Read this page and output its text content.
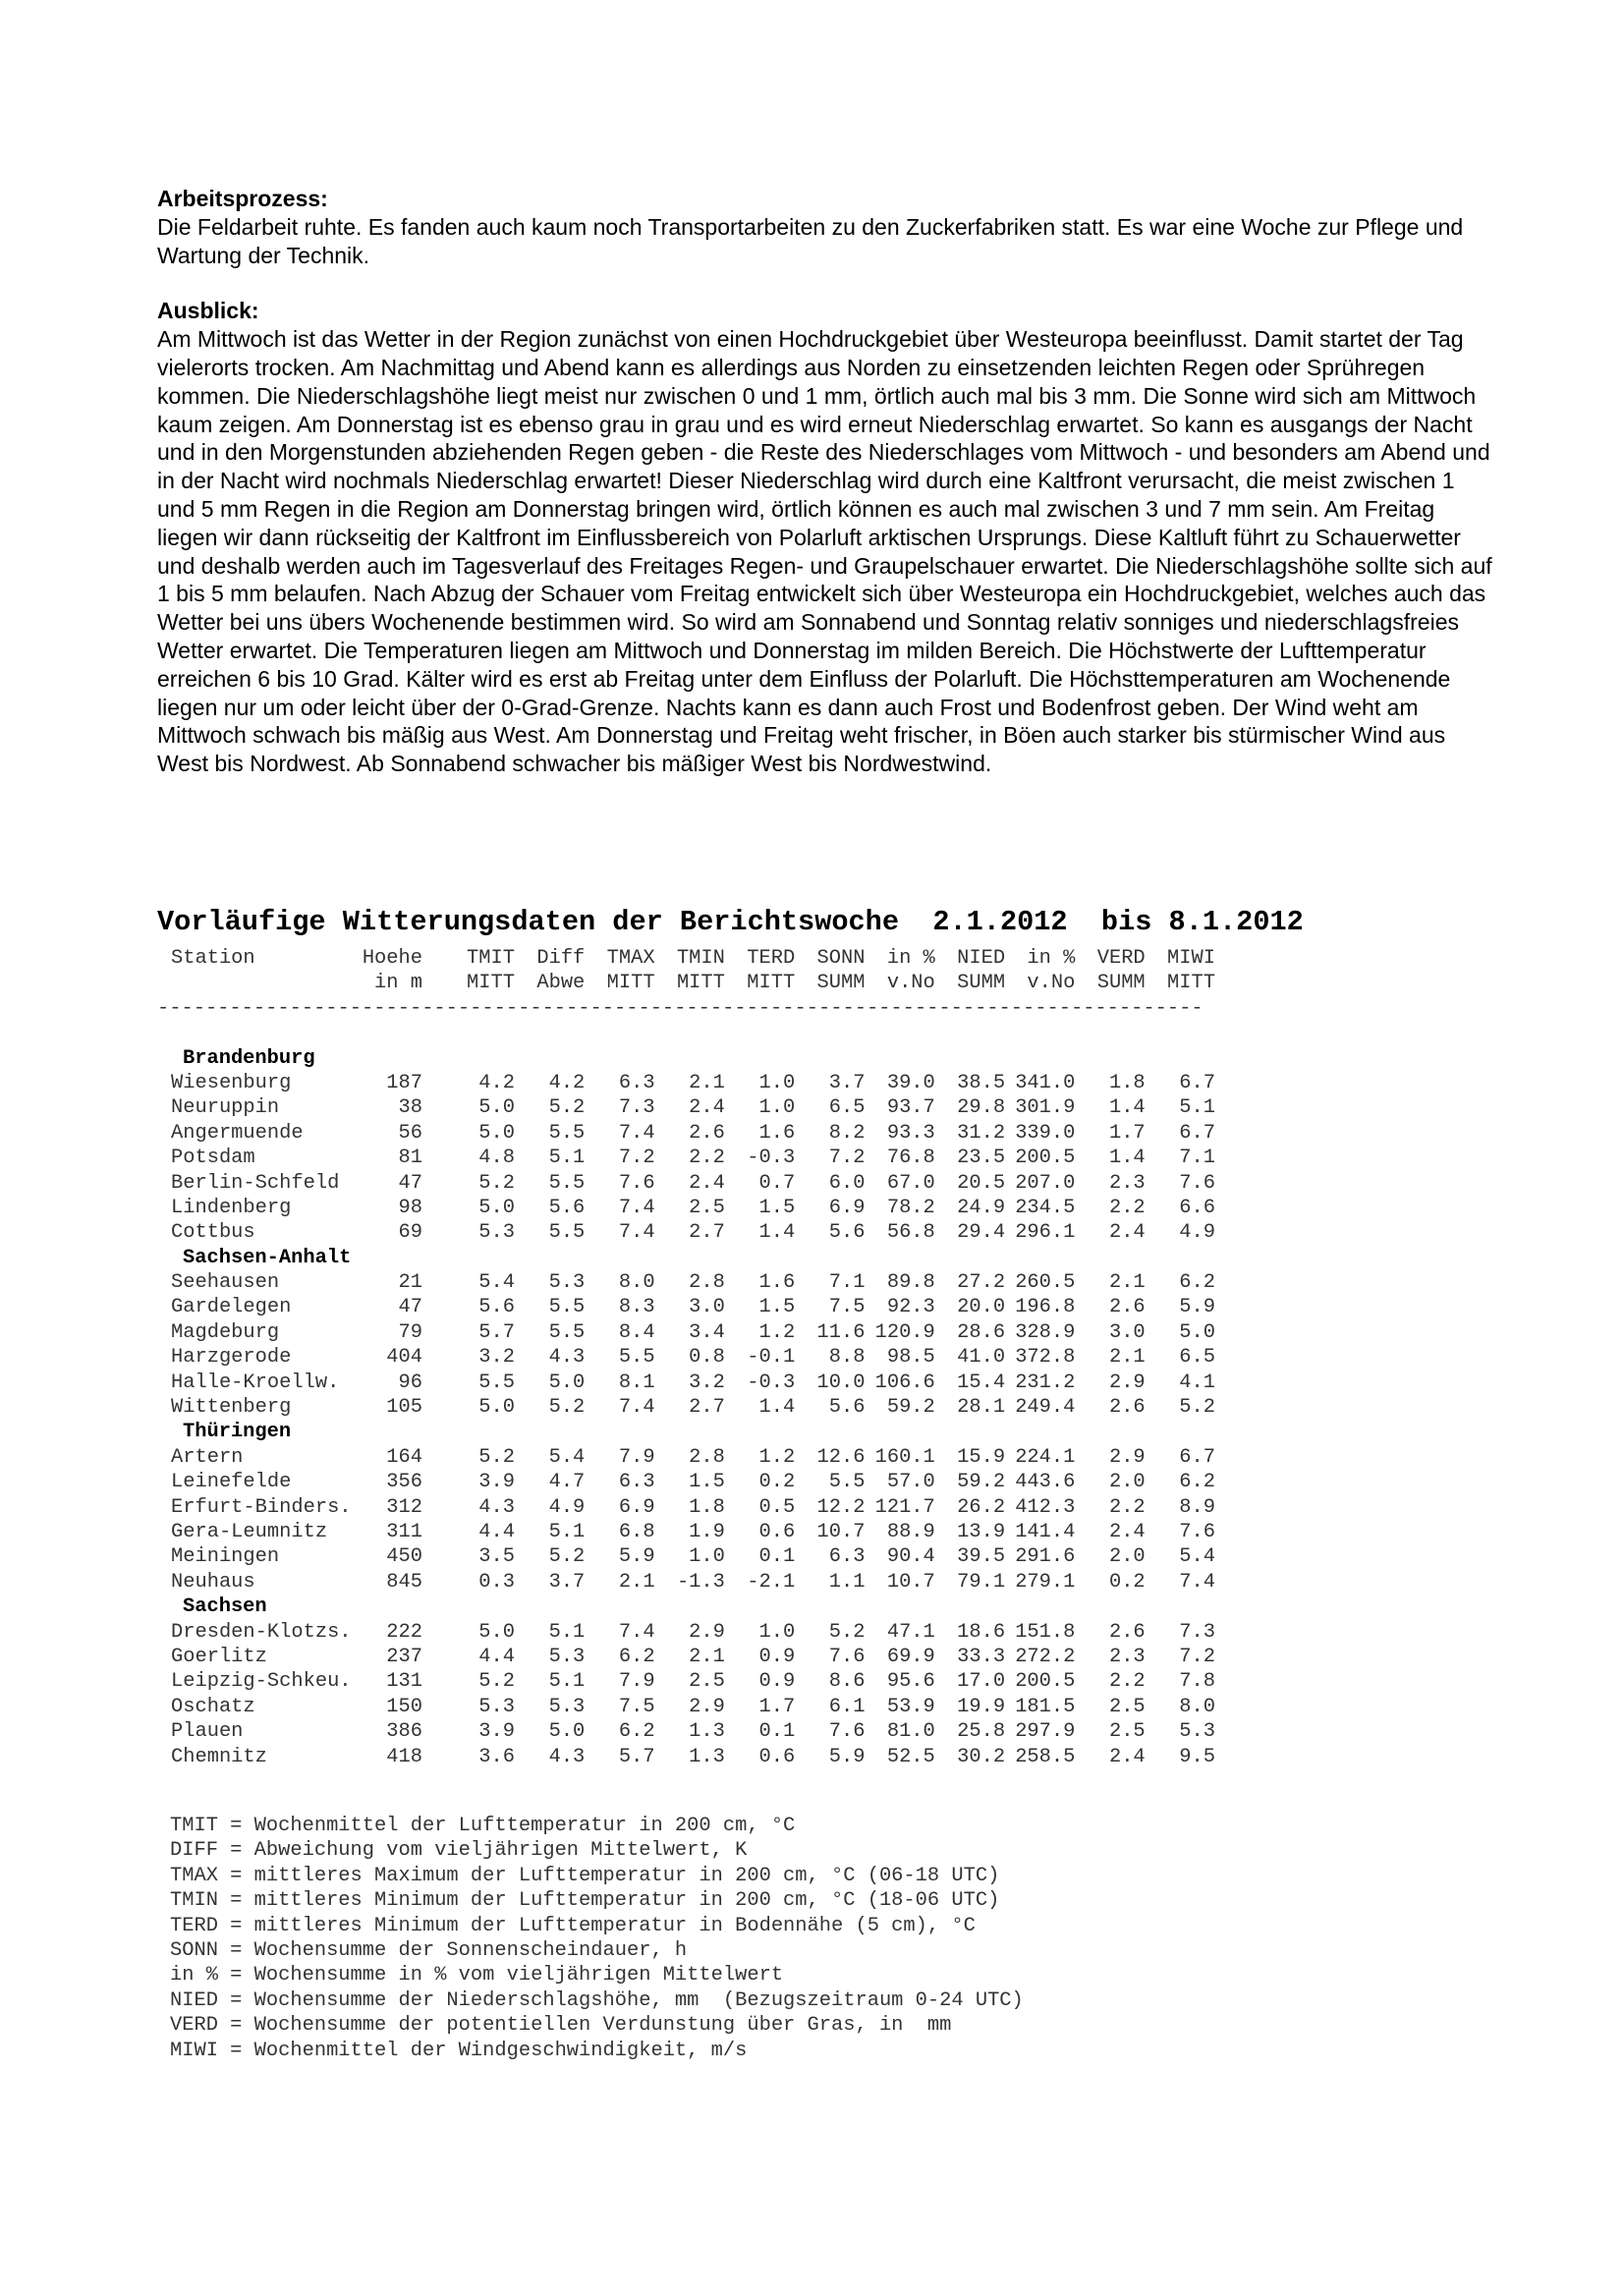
Arbeitsprozess:

Die Feldarbeit ruhte. Es fanden auch kaum noch Transportarbeiten zu den Zuckerfabriken statt. Es war eine Woche zur Pflege und Wartung der Technik.

Ausblick:

Am Mittwoch ist das Wetter in der Region zunächst von einen Hochdruckgebiet über Westeuropa beeinflusst. Damit startet der Tag vielerorts trocken. Am Nachmittag und Abend kann es allerdings aus Norden zu einsetzenden leichten Regen oder Sprühregen kommen. Die Niederschlagshöhe liegt meist nur zwischen 0 und 1 mm, örtlich auch mal bis 3 mm. Die Sonne wird sich am Mittwoch kaum zeigen. Am Donnerstag ist es ebenso grau in grau und es wird erneut Niederschlag erwartet. So kann es ausgangs der Nacht und in den Morgenstunden abziehenden Regen geben - die Reste des Niederschlages vom Mittwoch - und besonders am Abend und in der Nacht wird nochmals Niederschlag erwartet! Dieser Niederschlag wird durch eine Kaltfront verursacht, die meist zwischen 1 und 5 mm Regen in die Region am Donnerstag bringen wird, örtlich können es auch mal zwischen 3 und 7 mm sein. Am Freitag liegen wir dann rückseitig der Kaltfront im Einflussbereich von Polarluft arktischen Ursprungs. Diese Kaltluft führt zu Schauerwetter und deshalb werden auch im Tagesverlauf des Freitages Regen- und Graupelschauer erwartet. Die Niederschlagshöhe sollte sich auf 1 bis 5 mm belaufen. Nach Abzug der Schauer vom Freitag entwickelt sich über Westeuropa ein Hochdruckgebiet, welches auch das Wetter bei uns übers Wochenende bestimmen wird. So wird am Sonnabend und Sonntag relativ sonniges und niederschlagsfreies Wetter erwartet. Die Temperaturen liegen am Mittwoch und Donnerstag im milden Bereich. Die Höchstwerte der Lufttemperatur erreichen 6 bis 10 Grad. Kälter wird es erst ab Freitag unter dem Einfluss der Polarluft. Die Höchsttemperaturen am Wochenende liegen nur um oder leicht über der 0-Grad-Grenze. Nachts kann es dann auch Frost und Bodenfrost geben. Der Wind weht am Mittwoch schwach bis mäßig aus West. Am Donnerstag und Freitag weht frischer, in Böen auch starker bis stürmischer Wind aus West bis Nordwest. Ab Sonnabend schwacher bis mäßiger West bis Nordwestwind.

Vorläufige Witterungsdaten der Berichtswoche  2.1.2012  bis 8.1.2012
Station	Hoehe TMIT Diff TMAX TMIN TERD SONN in % NIED in % VERD MIWI
in m MITT Abwe MITT MITT MITT SUMM v.No SUMM v.No SUMM MITT
---------------------------------------------------------------------------------------
Brandenburg
Wiesenburg	187	4.2 4.2 6.3 2.1 1.0 3.7 39.0 38.5 341.0 1.8 6.7
Neuruppin	38	5.0 5.2 7.3 2.4 1.0 6.5 93.7 29.8 301.9 1.4 5.1
Angermuende	56	5.0 5.5 7.4 2.6 1.6 8.2 93.3 31.2 339.0 1.7 6.7
Potsdam	81	4.8 5.1 7.2 2.2 -0.3 7.2 76.8 23.5 200.5 1.4 7.1
Berlin-Schfeld	47	5.2 5.5 7.6 2.4 0.7 6.0 67.0 20.5 207.0 2.3 7.6
Lindenberg	98	5.0 5.6 7.4 2.5 1.5 6.9 78.2 24.9 234.5 2.2 6.6
Cottbus	69	5.3 5.5 7.4 2.7 1.4 5.6 56.8 29.4 296.1 2.4 4.9
Sachsen-Anhalt
Seehausen	21	5.4 5.3 8.0 2.8 1.6 7.1 89.8 27.2 260.5 2.1 6.2
Gardelegen	47	5.6 5.5 8.3 3.0 1.5 7.5 92.3 20.0 196.8 2.6 5.9
Magdeburg	79	5.7 5.5 8.4 3.4 1.2 11.6 120.9 28.6 328.9 3.0 5.0
Harzgerode	404	3.2 4.3 5.5 0.8 -0.1 8.8 98.5 41.0 372.8 2.1 6.5
Halle-Kroellw.	96	5.5 5.0 8.1 3.2 -0.3 10.0 106.6 15.4 231.2 2.9 4.1
Wittenberg	105	5.0 5.2 7.4 2.7 1.4 5.6 59.2 28.1 249.4 2.6 5.2
Thüringen
Artern	164	5.2 5.4 7.9 2.8 1.2 12.6 160.1 15.9 224.1 2.9 6.7
Leinefelde	356	3.9 4.7 6.3 1.5 0.2 5.5 57.0 59.2 443.6 2.0 6.2
Erfurt-Binders. 312	4.3 4.9 6.9 1.8 0.5 12.2 121.7 26.2 412.3 2.2 8.9
Gera-Leumnitz	311	4.4 5.1 6.8 1.9 0.6 10.7 88.9 13.9 141.4 2.4 7.6
Meiningen	450	3.5 5.2 5.9 1.0 0.1 6.3 90.4 39.5 291.6 2.0 5.4
Neuhaus	845	0.3 3.7 2.1 -1.3 -2.1 1.1 10.7 79.1 279.1 0.2 7.4
Sachsen
Dresden-Klotzs. 222	5.0 5.1 7.4 2.9 1.0 5.2 47.1 18.6 151.8 2.6 7.3
Goerlitz	237	4.4 5.3 6.2 2.1 0.9 7.6 69.9 33.3 272.2 2.3 7.2
Leipzig-Schkeu. 131	5.2 5.1 7.9 2.5 0.9 8.6 95.6 17.0 200.5 2.2 7.8
Oschatz	150	5.3 5.3 7.5 2.9 1.7 6.1 53.9 19.9 181.5 2.5 8.0
Plauen	386	3.9 5.0 6.2 1.3 0.1 7.6 81.0 25.8 297.9 2.5 5.3
Chemnitz	418	3.6 4.3 5.7 1.3 0.6 5.9 52.5 30.2 258.5 2.4 9.5
TMIT = Wochenmittel der Lufttemperatur in 200 cm, °C
DIFF = Abweichung vom vieljährigen Mittelwert, K
TMAX = mittleres Maximum der Lufttemperatur in 200 cm, °C (06-18 UTC)
TMIN = mittleres Minimum der Lufttemperatur in 200 cm, °C (18-06 UTC)
TERD = mittleres Minimum der Lufttemperatur in Bodennähe (5 cm), °C
SONN = Wochensumme der Sonnenscheindauer, h
in % = Wochensumme in % vom vieljährigen Mittelwert
NIED = Wochensumme der Niederschlagshöhe, mm  (Bezugszeitraum 0-24 UTC)
VERD = Wochensumme der potentiellen Verdunstung über Gras, in  mm
MIWI = Wochenmittel der Windgeschwindigkeit, m/s
